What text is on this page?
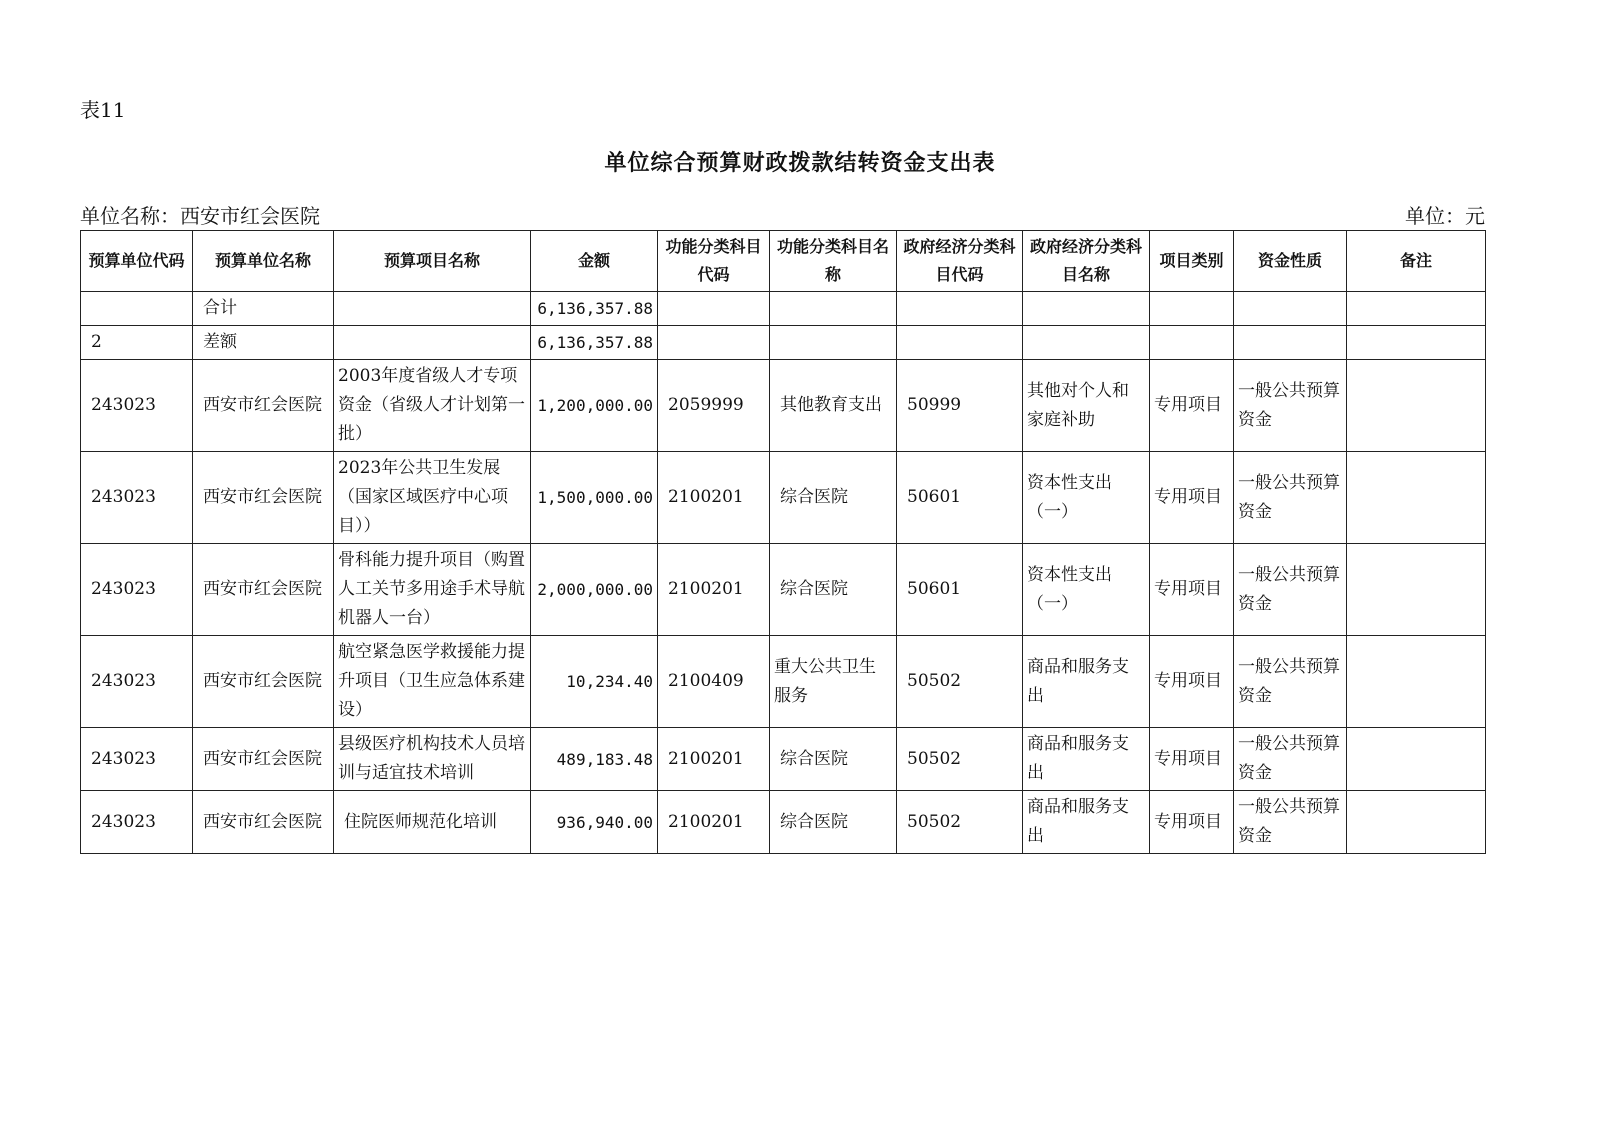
表11
单位综合预算财政拨款结转资金支出表
单位名称：西安市红会医院	单位：元
预算单位代码	预算单位名称	预算项目名称	金额	功能分类科目代码	功能分类科目名称	政府经济分类科目代码	政府经济分类科目名称	项目类别	资金性质	备注
	合计		6,136,357.88							
2	差额		6,136,357.88							
243023	西安市红会医院	2003年度省级人才专项资金（省级人才计划第一批）	1,200,000.00	2059999	其他教育支出	50999	其他对个人和家庭补助	专用项目	一般公共预算资金	
243023	西安市红会医院	2023年公共卫生发展（国家区域医疗中心项目））	1,500,000.00	2100201	综合医院	50601	资本性支出（一）	专用项目	一般公共预算资金	
243023	西安市红会医院	骨科能力提升项目（购置人工关节多用途手术导航机器人一台）	2,000,000.00	2100201	综合医院	50601	资本性支出（一）	专用项目	一般公共预算资金	
243023	西安市红会医院	航空紧急医学救援能力提升项目（卫生应急体系建设）	10,234.40	2100409	重大公共卫生服务	50502	商品和服务支出	专用项目	一般公共预算资金	
243023	西安市红会医院	县级医疗机构技术人员培训与适宜技术培训	489,183.48	2100201	综合医院	50502	商品和服务支出	专用项目	一般公共预算资金	
243023	西安市红会医院	住院医师规范化培训	936,940.00	2100201	综合医院	50502	商品和服务支出	专用项目	一般公共预算资金	
